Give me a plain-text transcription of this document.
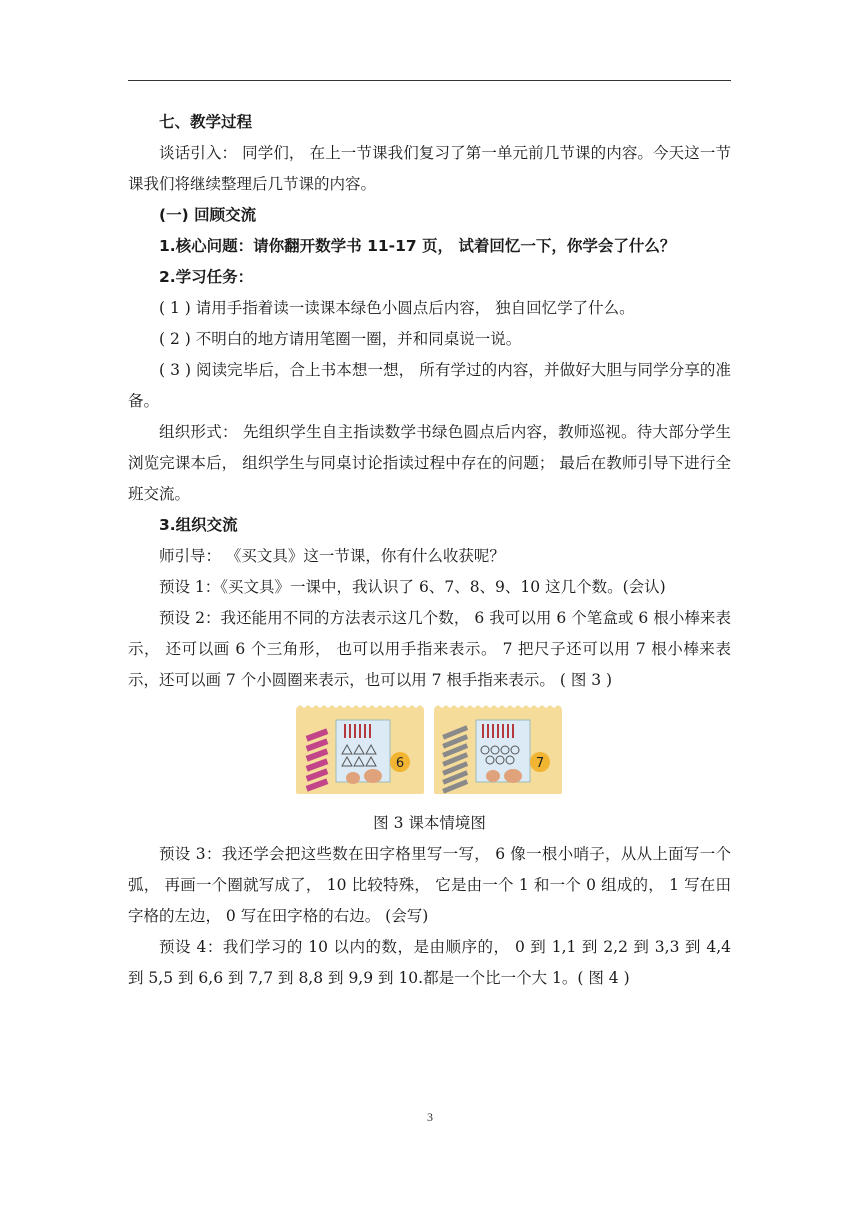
七、教学过程

谈话引入： 同学们， 在上一节课我们复习了第一单元前几节课的内容。今天这一节课我们将继续整理后几节课的内容。

(一) 回顾交流

1.核心问题：请你翻开数学书 11-17 页， 试着回忆一下，你学会了什么？

2.学习任务：

( 1 ) 请用手指着读一读课本绿色小圆点后内容， 独自回忆学了什么。

( 2 ) 不明白的地方请用笔圈一圈，并和同桌说一说。

( 3 ) 阅读完毕后，合上书本想一想， 所有学过的内容，并做好大胆与同学分享的准备。

组织形式： 先组织学生自主指读数学书绿色圆点后内容，教师巡视。待大部分学生浏览完课本后， 组织学生与同桌讨论指读过程中存在的问题； 最后在教师引导下进行全班交流。

3.组织交流

师引导： 《买文具》这一节课，你有什么收获呢？

预设 1：《买文具》一课中，我认识了 6、7、8、9、10 这几个数。(会认)

预设 2：我还能用不同的方法表示这几个数， 6 我可以用 6 个笔盒或 6 根小棒来表示， 还可以画 6 个三角形， 也可以用手指来表示。 7 把尺子还可以用 7 根小棒来表示，还可以画 7 个小圆圈来表示，也可以用 7 根手指来表示。 ( 图 3 )

6	7

图 3 课本情境图

预设 3：我还学会把这些数在田字格里写一写， 6 像一根小哨子，从从上面写一个弧， 再画一个圈就写成了， 10 比较特殊， 它是由一个 1 和一个 0 组成的， 1 写在田字格的左边， 0 写在田字格的右边。 (会写)

预设 4：我们学习的 10 以内的数，是由顺序的， 0 到 1,1 到 2,2 到 3,3 到 4,4 到 5,5 到 6,6 到 7,7 到 8,8 到 9,9 到 10.都是一个比一个大 1。( 图 4 )

3
